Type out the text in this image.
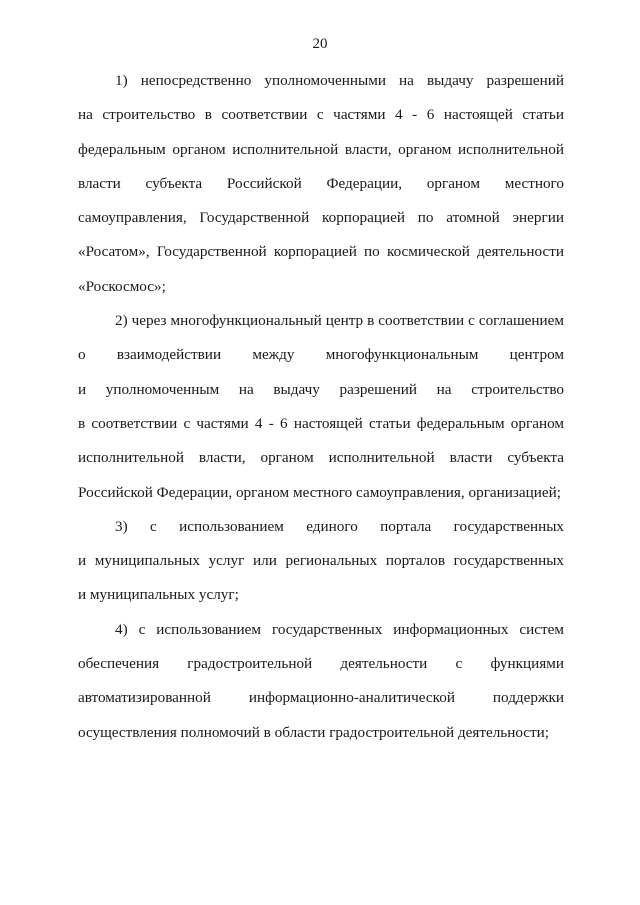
20
1) непосредственно уполномоченными на выдачу разрешений
на строительство в соответствии с частями 4 - 6 настоящей статьи
федеральным органом исполнительной власти, органом исполнительной
власти субъекта Российской Федерации, органом местного
самоуправления, Государственной корпорацией по атомной энергии
«Росатом», Государственной корпорацией по космической деятельности
«Роскосмос»;
2) через многофункциональный центр в соответствии с соглашением
о взаимодействии между многофункциональным центром
и уполномоченным на выдачу разрешений на строительство
в соответствии с частями 4 - 6 настоящей статьи федеральным органом
исполнительной власти, органом исполнительной власти субъекта
Российской Федерации, органом местного самоуправления, организацией;
3) с использованием единого портала государственных
и муниципальных услуг или региональных порталов государственных
и муниципальных услуг;
4) с использованием государственных информационных систем
обеспечения градостроительной деятельности с функциями
автоматизированной информационно-аналитической поддержки
осуществления полномочий в области градостроительной деятельности;
